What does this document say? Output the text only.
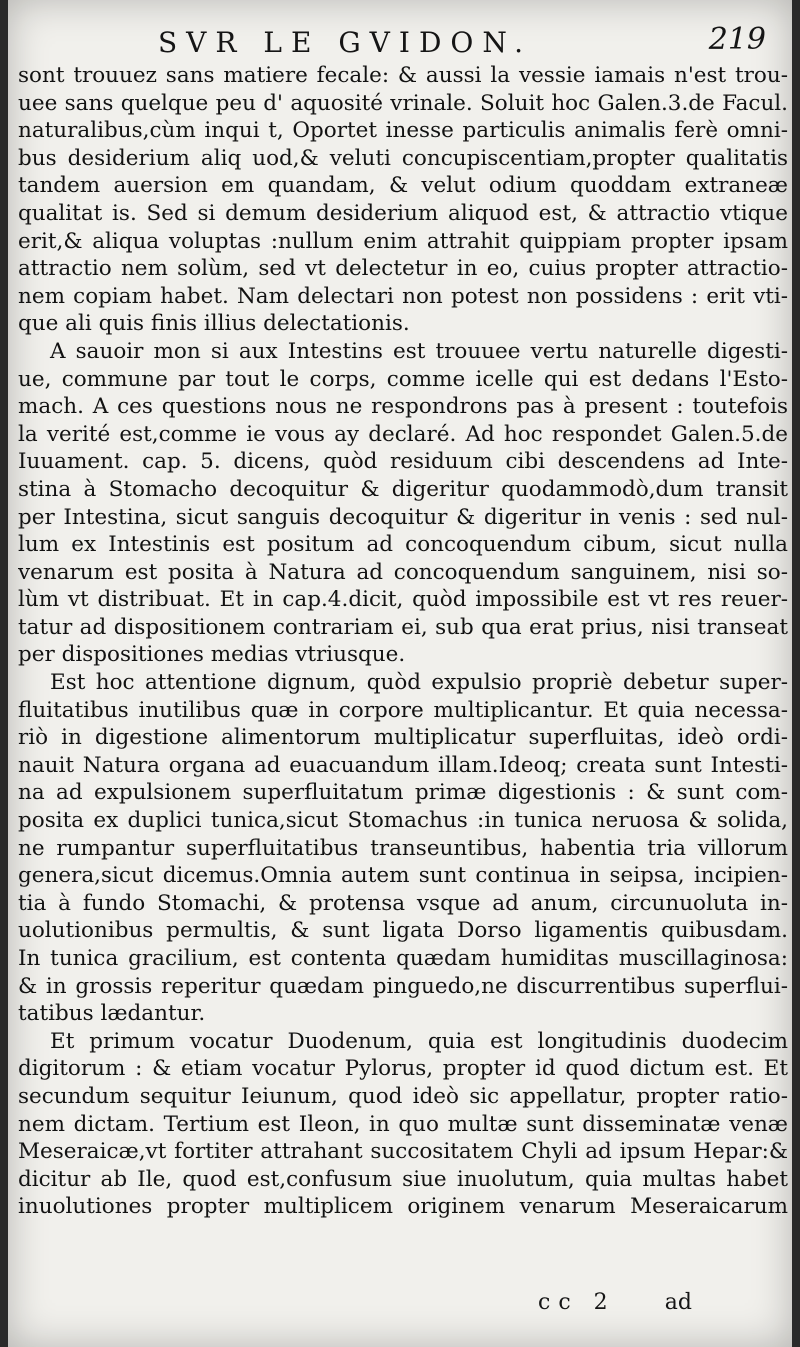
SVR LE GVIDON.	219
sont trouuez sans matiere fecale: & aussi la vessie iamais n'est trou-
uee sans quelque peu d' aquosité vrinale. Soluit hoc Galen.3.de Facul.
naturalibus,cùm inqui t, Oportet inesse particulis animalis ferè omni-
bus desiderium aliq uod,& veluti concupiscentiam,propter qualitatis
tandem auersion em quandam, & velut odium quoddam extraneæ
qualitat is. Sed si demum desiderium aliquod est, & attractio vtique
erit,& aliqua voluptas :nullum enim attrahit quippiam propter ipsam
attractio nem solùm, sed vt delectetur in eo, cuius propter attractio-
nem copiam habet. Nam delectari non potest non possidens : erit vti-
que ali quis finis illius delectationis.
A sauoir mon si aux Intestins est trouuee vertu naturelle digesti-
ue, commune par tout le corps, comme icelle qui est dedans l'Esto-
mach. A ces questions nous ne respondrons pas à present : toutefois
la verité est,comme ie vous ay declaré. Ad hoc respondet Galen.5.de
Iuuament. cap. 5. dicens, quòd residuum cibi descendens ad Inte-
stina à Stomacho decoquitur & digeritur quodammodò,dum transit
per Intestina, sicut sanguis decoquitur & digeritur in venis : sed nul-
lum ex Intestinis est positum ad concoquendum cibum, sicut nulla
venarum est posita à Natura ad concoquendum sanguinem, nisi so-
lùm vt distribuat. Et in cap.4.dicit, quòd impossibile est vt res reuer-
tatur ad dispositionem contrariam ei, sub qua erat prius, nisi transeat
per dispositiones medias vtriusque.
Est hoc attentione dignum, quòd expulsio propriè debetur super-
fluitatibus inutilibus quæ in corpore multiplicantur. Et quia necessa-
riò in digestione alimentorum multiplicatur superfluitas, ideò ordi-
nauit Natura organa ad euacuandum illam.Ideoq; creata sunt Intesti-
na ad expulsionem superfluitatum primæ digestionis : & sunt com-
posita ex duplici tunica,sicut Stomachus :in tunica neruosa & solida,
ne rumpantur superfluitatibus transeuntibus, habentia tria villorum
genera,sicut dicemus.Omnia autem sunt continua in seipsa, incipien-
tia à fundo Stomachi, & protensa vsque ad anum, circunuoluta in-
uolutionibus permultis, & sunt ligata Dorso ligamentis quibusdam.
In tunica gracilium, est contenta quædam humiditas muscillaginosa:
& in grossis reperitur quædam pinguedo,ne discurrentibus superflui-
tatibus lædantur.
Et primum vocatur Duodenum, quia est longitudinis duodecim
digitorum : & etiam vocatur Pylorus, propter id quod dictum est. Et
secundum sequitur Ieiunum, quod ideò sic appellatur, propter ratio-
nem dictam. Tertium est Ileon, in quo multæ sunt disseminatæ venæ
Meseraicæ,vt fortiter attrahant succositatem Chyli ad ipsum Hepar:&
dicitur ab Ile, quod est,confusum siue inuolutum, quia multas habet
inuolutiones propter multiplicem originem venarum Meseraicarum
cc 2 ad
